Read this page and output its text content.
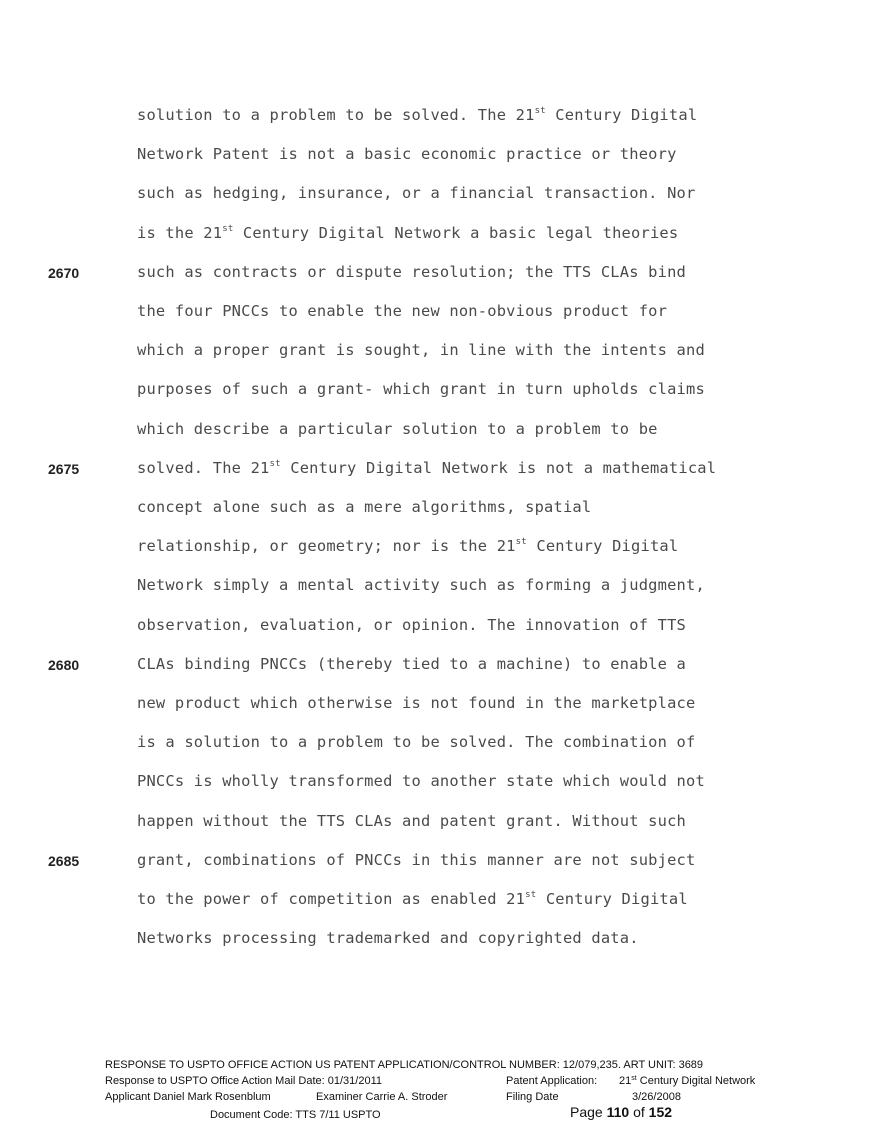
solution to a problem to be solved. The 21st Century Digital
Network Patent is not a basic economic practice or theory
such as hedging, insurance, or a financial transaction. Nor
is the 21st Century Digital Network a basic legal theories
such as contracts or dispute resolution; the TTS CLAs bind
the four PNCCs to enable the new non-obvious product for
which a proper grant is sought, in line with the intents and
purposes of such a grant- which grant in turn upholds claims
which describe a particular solution to a problem to be
solved. The 21st Century Digital Network is not a mathematical
concept alone such as a mere algorithms, spatial
relationship, or geometry; nor is the 21st Century Digital
Network simply a mental activity such as forming a judgment,
observation, evaluation, or opinion. The innovation of TTS
CLAs binding PNCCs (thereby tied to a machine) to enable a
new product which otherwise is not found in the marketplace
is a solution to a problem to be solved. The combination of
PNCCs is wholly transformed to another state which would not
happen without the TTS CLAs and patent grant. Without such
grant, combinations of PNCCs in this manner are not subject
to the power of competition as enabled 21st Century Digital
Networks processing trademarked and copyrighted data.
2670
2675
2680
2685
RESPONSE TO USPTO OFFICE ACTION US PATENT APPLICATION/CONTROL NUMBER: 12/079,235. ART UNIT: 3689
Response to USPTO Office Action Mail Date: 01/31/2011	Patent Application: 21st Century Digital Network
Applicant Daniel Mark Rosenblum	Examiner Carrie A. Stroder	Filing Date	3/26/2008
Document Code: TTS 7/11 USPTO	Page 110 of 152
